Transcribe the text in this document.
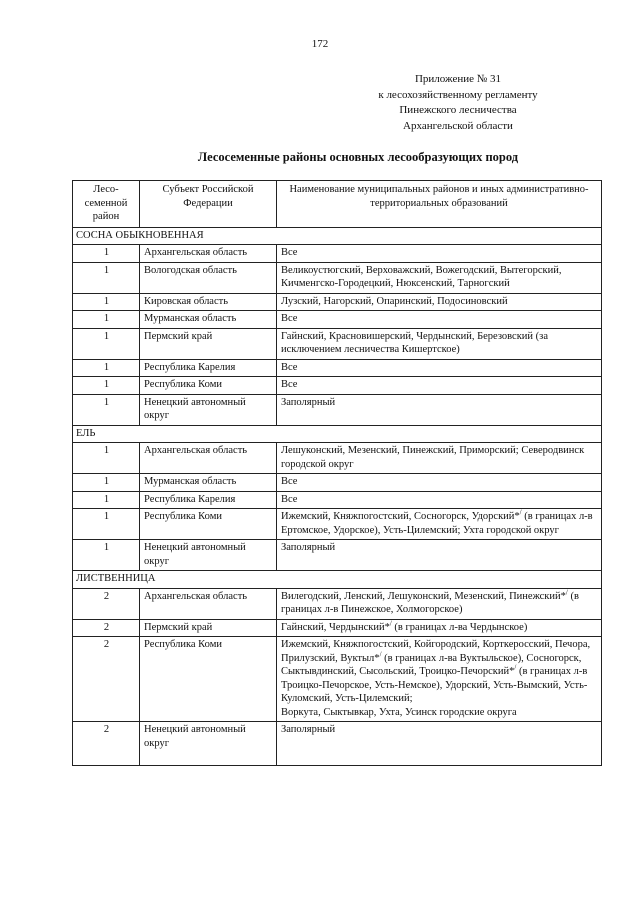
172
Приложение № 31
к лесохозяйственному регламенту
Пинежского лесничества
Архангельской области
Лесосеменные районы основных лесообразующих пород
Лесо-семенной район	Субъект Российской Федерации	Наименование муниципальных районов и иных административно-территориальных образований
СОСНА ОБЫКНОВЕННАЯ		
1	Архангельская область	Все
1	Вологодская область	Великоустюгский, Верховажский, Вожегодский, Вытегорский, Кичменгско-Городецкий, Нюксенский, Тарногский
1	Кировская область	Лузский, Нагорский, Опаринский, Подосиновский
1	Мурманская область	Все
1	Пермский край	Гайнский, Красновишерский, Чердынский, Березовский (за исключением лесничества Кишертское)
1	Республика Карелия	Все
1	Республика Коми	Все
1	Ненецкий автономный округ	Заполярный
ЕЛЬ		
1	Архангельская область	Лешуконский, Мезенский, Пинежский, Приморский; Северодвинск городской округ
1	Мурманская область	Все
1	Республика Карелия	Все
1	Республика Коми	Ижемский, Княжпогостский, Сосногорск, Удорский*/ (в границах л-в Ертомское, Удорское), Усть-Цилемский; Ухта городской округ
1	Ненецкий автономный округ	Заполярный
ЛИСТВЕННИЦА		
2	Архангельская область	Вилегодский, Ленский, Лешуконский, Мезенский, Пинежский*/ (в границах л-в Пинежское, Холмогорское)
2	Пермский край	Гайнский, Чердынский*/ (в границах л-ва Чердынское)
2	Республика Коми	Ижемский, Княжпогостский, Койгородский, Корткеросский, Печора, Прилузский, Вуктыл*/ (в границах л-ва Вуктыльское), Сосногорск, Сыктывдинский, Сысольский, Троицко-Печорский*/ (в границах л-в Троицко-Печорское, Усть-Немское), Удорский, Усть-Вымский, Усть-Куломский, Усть-Цилемский;
Воркута, Сыктывкар, Ухта, Усинск городские округа
2	Ненецкий автономный округ	Заполярный
